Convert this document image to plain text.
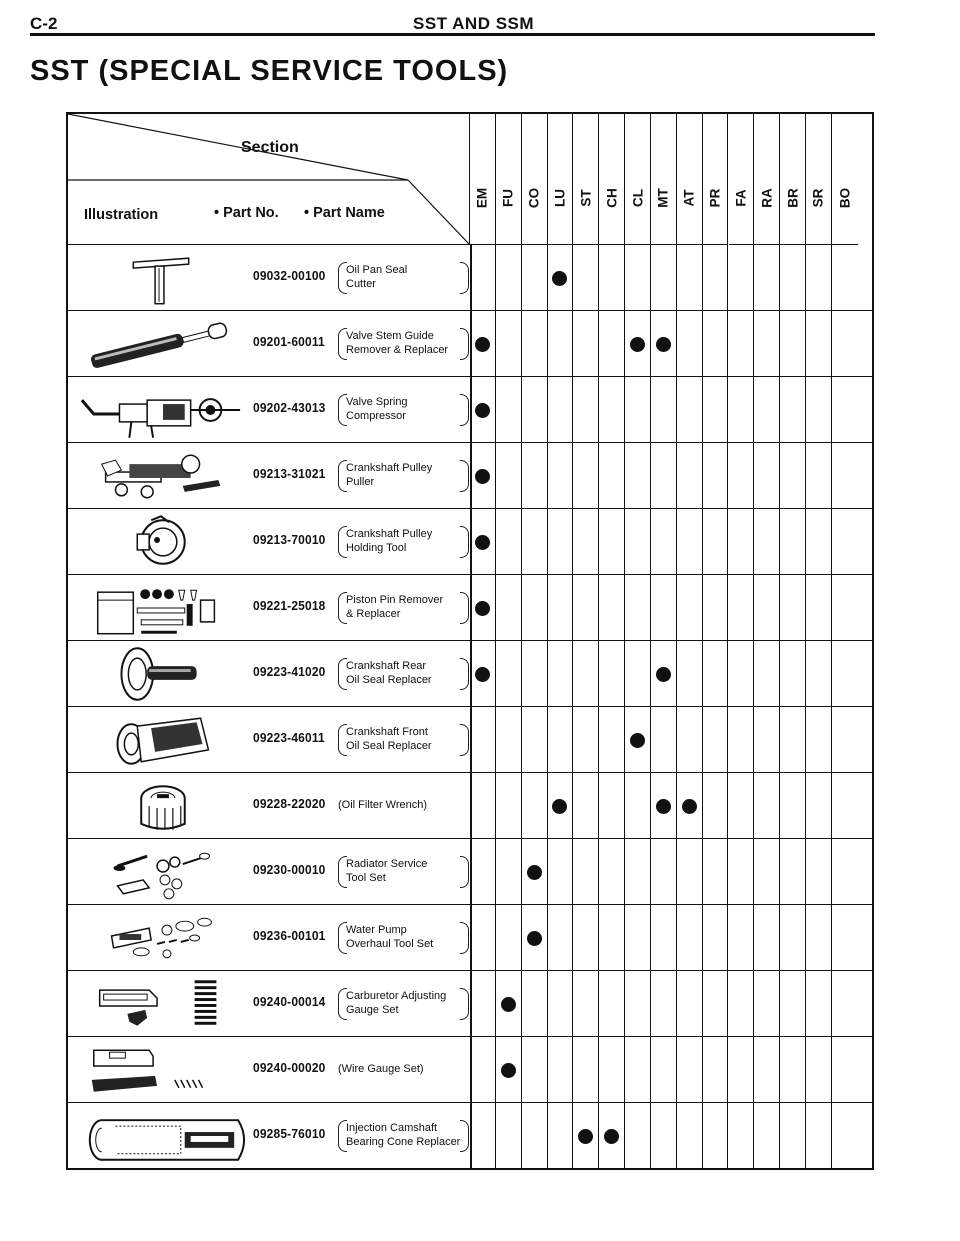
C-2	SST AND SSM
SST (SPECIAL SERVICE TOOLS)
Section
Illustration	• Part No. • Part Name
EM FU CO LU ST CH CL MT AT PR FA RA BR SR BO
09032-00100 Oil Pan Seal
Cutter
09201-60011 Valve Stem Guide
Remover & Replacer
09202-43013 Valve Spring
Compressor
09213-31021 Crankshaft Pulley
Puller
09213-70010 Crankshaft Pulley
Holding Tool
09221-25018 Piston Pin Remover
& Replacer
09223-41020 Crankshaft Rear
Oil Seal Replacer
09223-46011 Crankshaft Front
Oil Seal Replacer
09228-22020 (Oil Filter Wrench)
09230-00010 Radiator Service
Tool Set
09236-00101 Water Pump
Overhaul Tool Set
09240-00014 Carburetor Adjusting
Gauge Set
09240-00020 (Wire Gauge Set)
09285-76010 Injection Camshaft
Bearing Cone Replacer
